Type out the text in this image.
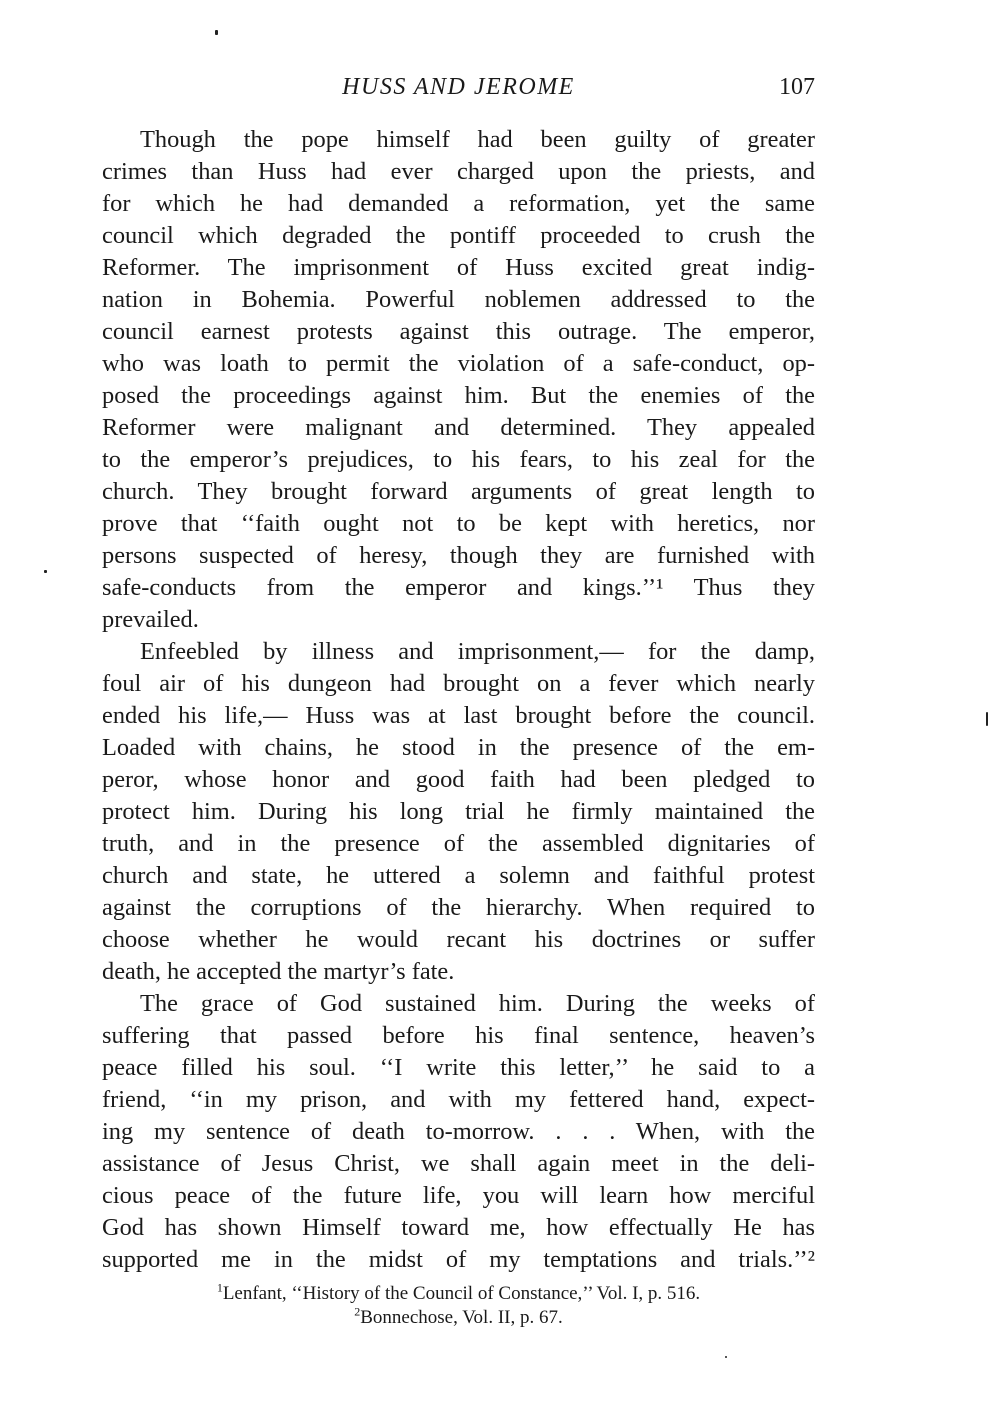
HUSS AND JEROME	107
Though the pope himself had been guilty of greater
crimes than Huss had ever charged upon the priests, and
for which he had demanded a reformation, yet the same
council which degraded the pontiff proceeded to crush the
Reformer. The imprisonment of Huss excited great indig-
nation in Bohemia. Powerful noblemen addressed to the
council earnest protests against this outrage. The emperor,
who was loath to permit the violation of a safe-conduct, op-
posed the proceedings against him. But the enemies of the
Reformer were malignant and determined. They appealed
to the emperor’s prejudices, to his fears, to his zeal for the
church. They brought forward arguments of great length to
prove that ‘‘faith ought not to be kept with heretics, nor
persons suspected of heresy, though they are furnished with
safe-conducts from the emperor and kings.’’¹ Thus they
prevailed.
Enfeebled by illness and imprisonment,— for the damp,
foul air of his dungeon had brought on a fever which nearly
ended his life,— Huss was at last brought before the council.
Loaded with chains, he stood in the presence of the em-
peror, whose honor and good faith had been pledged to
protect him. During his long trial he firmly maintained the
truth, and in the presence of the assembled dignitaries of
church and state, he uttered a solemn and faithful protest
against the corruptions of the hierarchy. When required to
choose whether he would recant his doctrines or suffer
death, he accepted the martyr’s fate.
The grace of God sustained him. During the weeks of
suffering that passed before his final sentence, heaven’s
peace filled his soul. ‘‘I write this letter,’’ he said to a
friend, ‘‘in my prison, and with my fettered hand, expect-
ing my sentence of death to-morrow. . . . When, with the
assistance of Jesus Christ, we shall again meet in the deli-
cious peace of the future life, you will learn how merciful
God has shown Himself toward me, how effectually He has
supported me in the midst of my temptations and trials.’’²
$^1$Lenfant, ‘‘History of the Council of Constance,’’ Vol. I, p. 516.
$^2$Bonnechose, Vol. II, p. 67.
